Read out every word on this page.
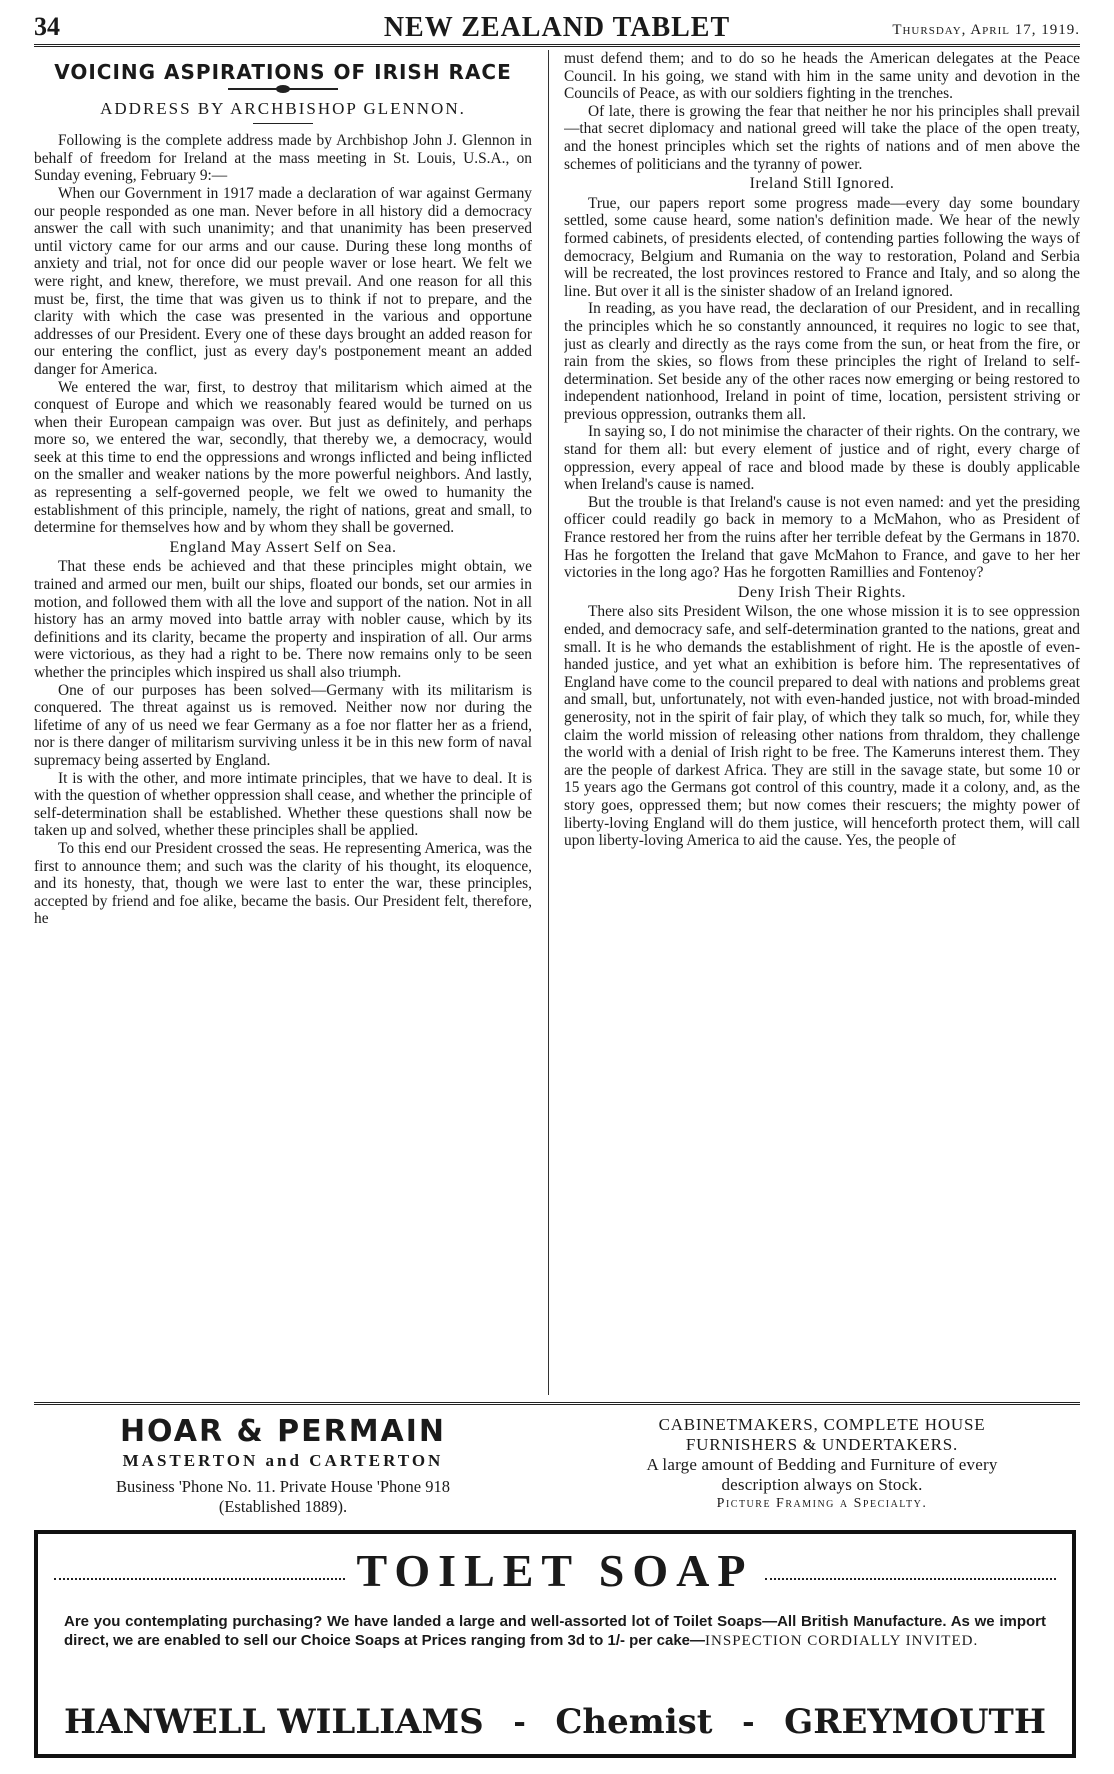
34	NEW ZEALAND TABLET	Thursday, April 17, 1919.
VOICING ASPIRATIONS OF IRISH RACE
ADDRESS BY ARCHBISHOP GLENNON.

Following is the complete address made by Archbishop John J. Glennon in behalf of freedom for Ireland at the mass meeting in St. Louis, U.S.A., on Sunday evening, February 9:—

When our Government in 1917 made a declaration of war against Germany our people responded as one man. Never before in all history did a democracy answer the call with such unanimity; and that unanimity has been preserved until victory came for our arms and our cause. During these long months of anxiety and trial, not for once did our people waver or lose heart. We felt we were right, and knew, therefore, we must prevail. And one reason for all this must be, first, the time that was given us to think if not to prepare, and the clarity with which the case was presented in the various and opportune addresses of our President. Every one of these days brought an added reason for our entering the conflict, just as every day's postponement meant an added danger for America.

We entered the war, first, to destroy that militarism which aimed at the conquest of Europe and which we reasonably feared would be turned on us when their European campaign was over. But just as definitely, and perhaps more so, we entered the war, secondly, that thereby we, a democracy, would seek at this time to end the oppressions and wrongs inflicted and being inflicted on the smaller and weaker nations by the more powerful neighbors. And lastly, as representing a self-governed people, we felt we owed to humanity the establishment of this principle, namely, the right of nations, great and small, to determine for themselves how and by whom they shall be governed.

England May Assert Self on Sea.

That these ends be achieved and that these principles might obtain, we trained and armed our men, built our ships, floated our bonds, set our armies in motion, and followed them with all the love and support of the nation. Not in all history has an army moved into battle array with nobler cause, which by its definitions and its clarity, became the property and inspiration of all. Our arms were victorious, as they had a right to be. There now remains only to be seen whether the principles which inspired us shall also triumph.

One of our purposes has been solved—Germany with its militarism is conquered. The threat against us is removed. Neither now nor during the lifetime of any of us need we fear Germany as a foe nor flatter her as a friend, nor is there danger of militarism surviving unless it be in this new form of naval supremacy being asserted by England.

It is with the other, and more intimate principles, that we have to deal. It is with the question of whether oppression shall cease, and whether the principle of self-determination shall be established. Whether these questions shall now be taken up and solved, whether these principles shall be applied.

To this end our President crossed the seas. He representing America, was the first to announce them; and such was the clarity of his thought, its eloquence, and its honesty, that, though we were last to enter the war, these principles, accepted by friend and foe alike, became the basis. Our President felt, therefore, he

must defend them; and to do so he heads the American delegates at the Peace Council. In his going, we stand with him in the same unity and devotion in the Councils of Peace, as with our soldiers fighting in the trenches.

Of late, there is growing the fear that neither he nor his principles shall prevail—that secret diplomacy and national greed will take the place of the open treaty, and the honest principles which set the rights of nations and of men above the schemes of politicians and the tyranny of power.

Ireland Still Ignored.

True, our papers report some progress made—every day some boundary settled, some cause heard, some nation's definition made. We hear of the newly formed cabinets, of presidents elected, of contending parties following the ways of democracy, Belgium and Rumania on the way to restoration, Poland and Serbia will be recreated, the lost provinces restored to France and Italy, and so along the line. But over it all is the sinister shadow of an Ireland ignored.

In reading, as you have read, the declaration of our President, and in recalling the principles which he so constantly announced, it requires no logic to see that, just as clearly and directly as the rays come from the sun, or heat from the fire, or rain from the skies, so flows from these principles the right of Ireland to self-determination. Set beside any of the other races now emerging or being restored to independent nationhood, Ireland in point of time, location, persistent striving or previous oppression, outranks them all.

In saying so, I do not minimise the character of their rights. On the contrary, we stand for them all: but every element of justice and of right, every charge of oppression, every appeal of race and blood made by these is doubly applicable when Ireland's cause is named.

But the trouble is that Ireland's cause is not even named: and yet the presiding officer could readily go back in memory to a McMahon, who as President of France restored her from the ruins after her terrible defeat by the Germans in 1870. Has he forgotten the Ireland that gave McMahon to France, and gave to her her victories in the long ago? Has he forgotten Ramillies and Fontenoy?

Deny Irish Their Rights.

There also sits President Wilson, the one whose mission it is to see oppression ended, and democracy safe, and self-determination granted to the nations, great and small. It is he who demands the establishment of right. He is the apostle of even-handed justice, and yet what an exhibition is before him. The representatives of England have come to the council prepared to deal with nations and problems great and small, but, unfortunately, not with even-handed justice, not with broad-minded generosity, not in the spirit of fair play, of which they talk so much, for, while they claim the world mission of releasing other nations from thraldom, they challenge the world with a denial of Irish right to be free. The Kameruns interest them. They are the people of darkest Africa. They are still in the savage state, but some 10 or 15 years ago the Germans got control of this country, made it a colony, and, as the story goes, oppressed them; but now comes their rescuers; the mighty power of liberty-loving England will do them justice, will henceforth protect them, will call upon liberty-loving America to aid the cause. Yes, the people of

HOAR & PERMAIN
MASTERTON and CARTERTON
Business 'Phone No. 11. Private House 'Phone 918
(Established 1889).
CABINETMAKERS, COMPLETE HOUSE
FURNISHERS & UNDERTAKERS.
A large amount of Bedding and Furniture of every
description always on Stock.
Picture Framing a Specialty.
TOILET SOAP
Are you contemplating purchasing? We have landed a large and well-assorted lot of Toilet Soaps—All British Manufacture. As we import direct, we are enabled to sell our Choice Soaps at Prices ranging from 3d to 1/- per cake—INSPECTION CORDIALLY INVITED.
HANWELL WILLIAMS - Chemist - GREYMOUTH
